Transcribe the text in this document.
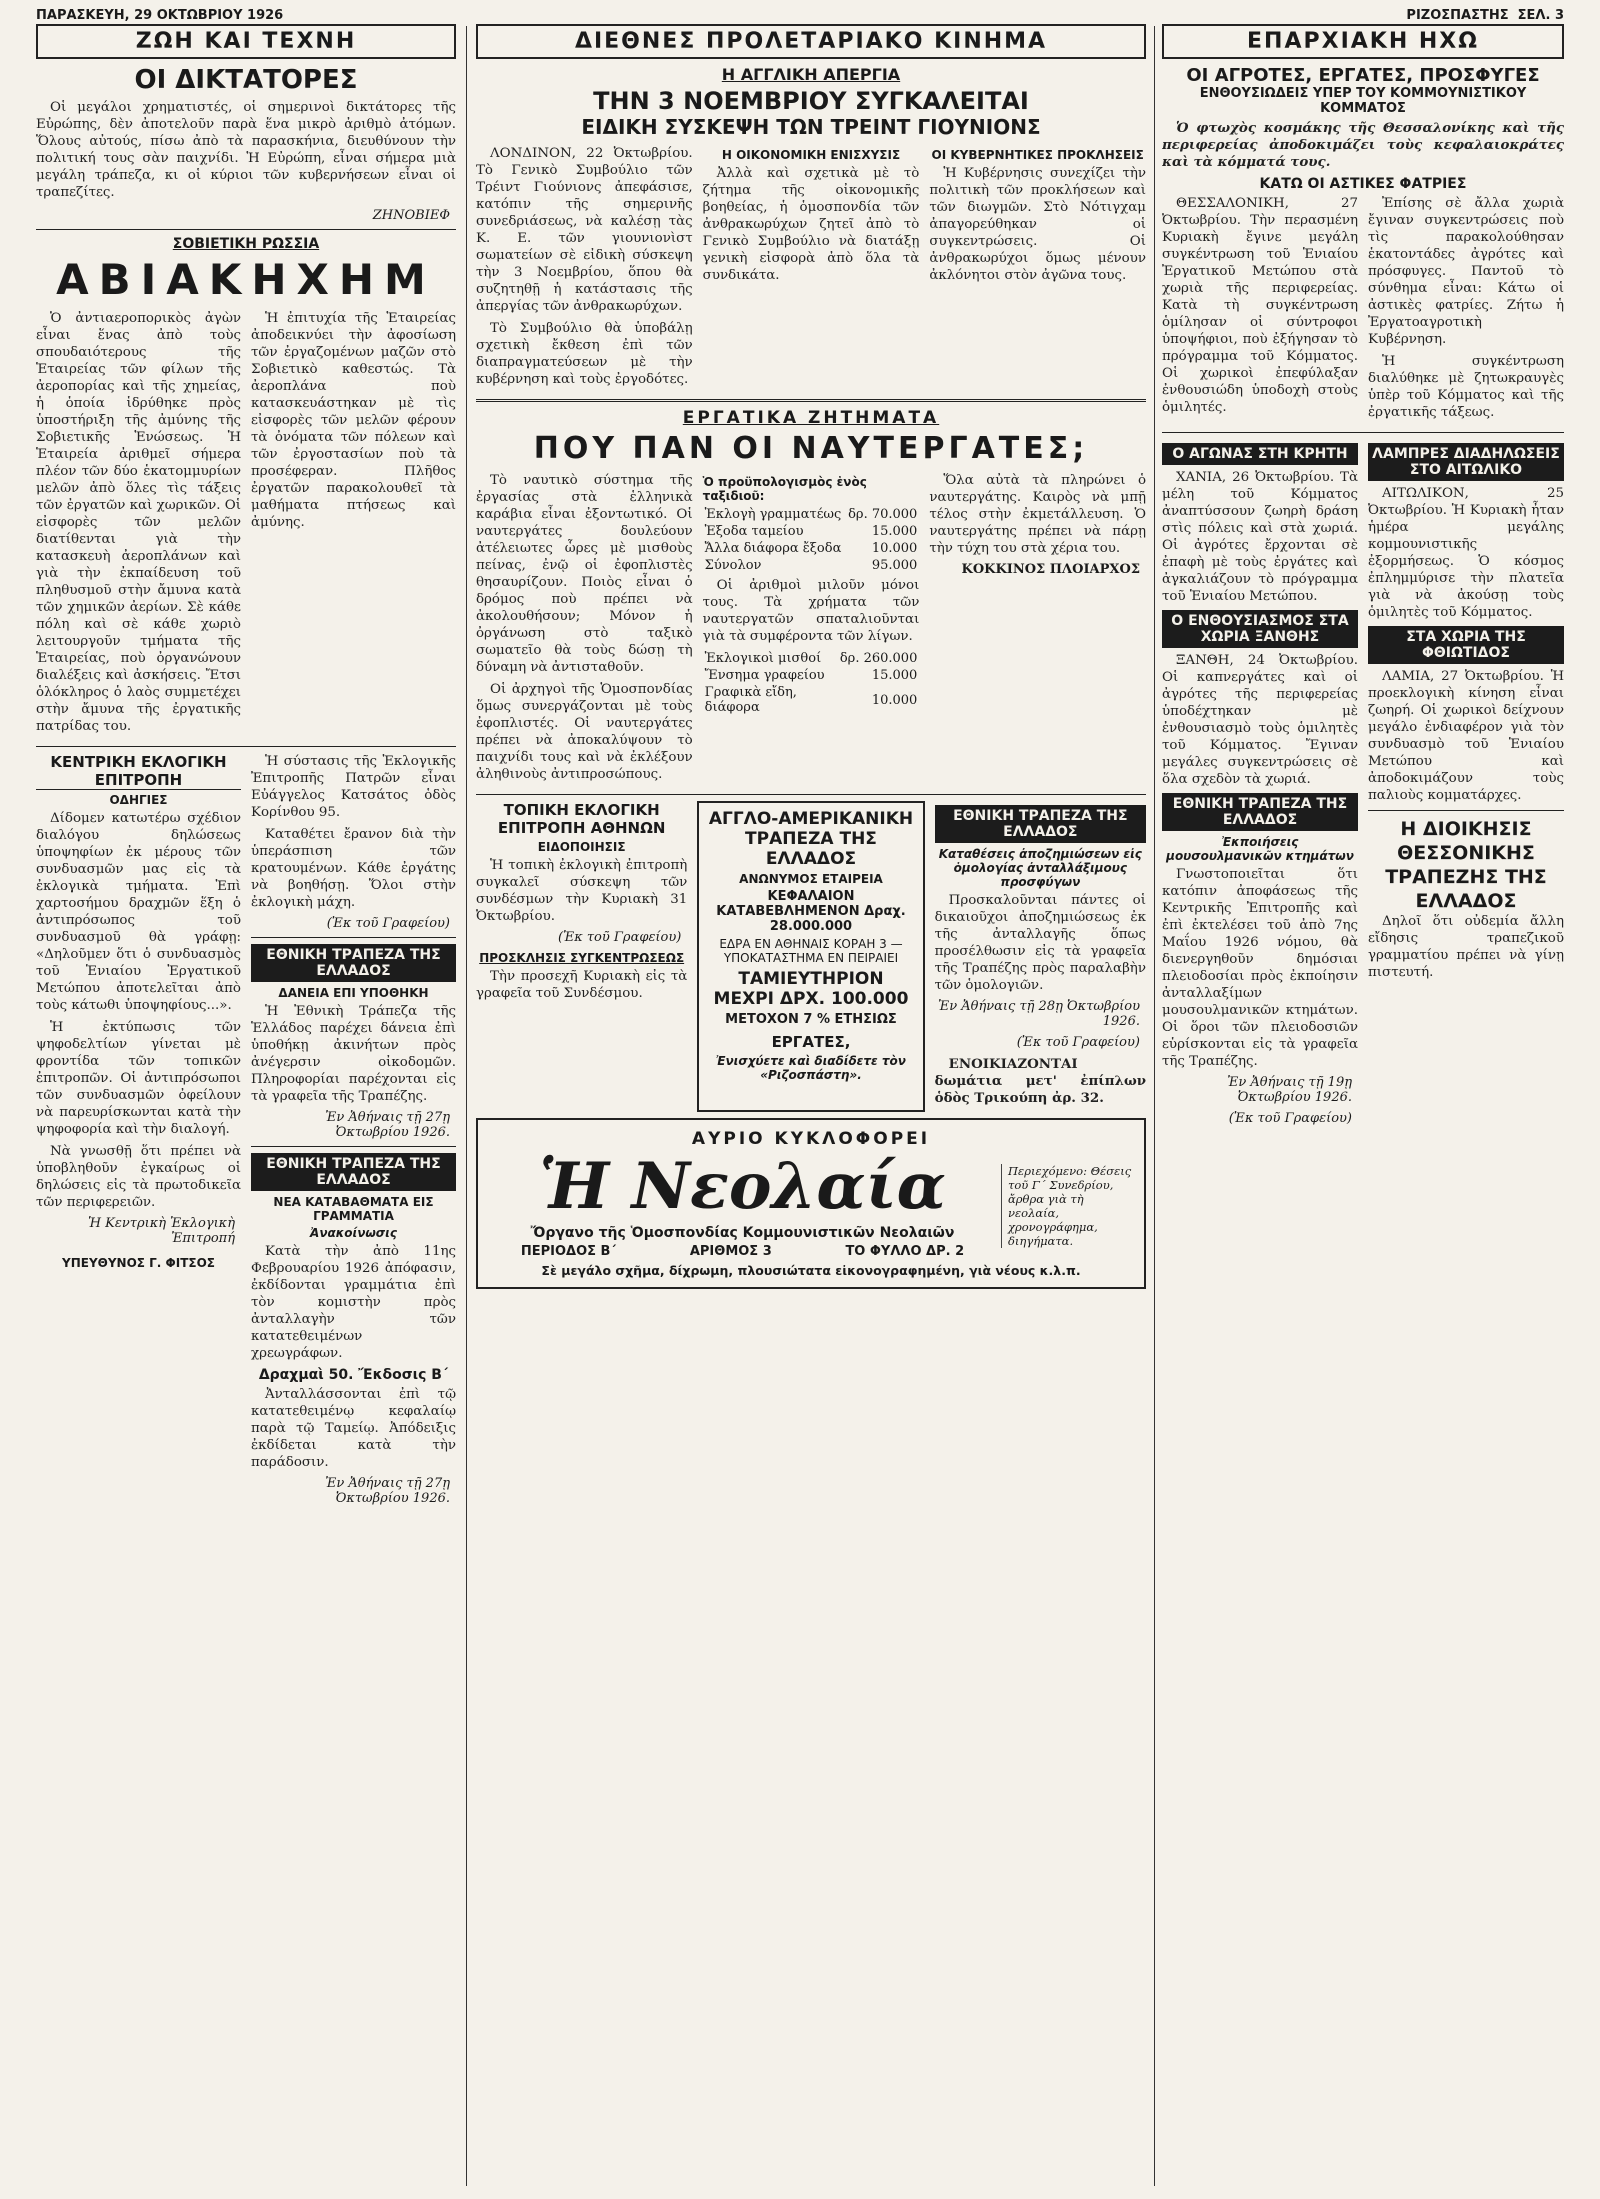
ΠΑΡΑΣΚΕΥΗ, 29 ΟΚΤΩΒΡΙΟΥ 1926	ΡΙΖΟΣΠΑΣΤΗΣ ΣΕΛ. 3
ΖΩΗ ΚΑΙ ΤΕΧΝΗ
ΟΙ ΔΙΚΤΑΤΟΡΕΣ

Οἱ μεγάλοι χρηματιστές, οἱ σημερινοὶ δικτάτορες τῆς Εὐρώπης, δὲν ἀποτελοῦν παρὰ ἕνα μικρὸ ἀριθμὸ ἀτόμων. Ὅλους αὐτούς, πίσω ἀπὸ τὰ παρασκήνια, διευθύνουν τὴν πολιτική τους σὰν παιχνίδι. Ἡ Εὐρώπη, εἶναι σήμερα μιὰ μεγάλη τράπεζα, κι οἱ κύριοι τῶν κυβερνήσεων εἶναι οἱ τραπεζίτες.

ΖΗΝΟΒΙΕΦ
ΣΟΒΙΕΤΙΚΗ ΡΩΣΣΙΑ
ΑΒΙΑΚΗΧΗΜ

Ὁ ἀντιαεροπορικὸς ἀγὼν εἶναι ἕνας ἀπὸ τοὺς σπουδαιότερους τῆς Ἑταιρείας τῶν φίλων τῆς ἀεροπορίας καὶ τῆς χημείας, ἡ ὁποία ἱδρύθηκε πρὸς ὑποστήριξη τῆς ἀμύνης τῆς Σοβιετικῆς Ἑνώσεως. Ἡ Ἑταιρεία ἀριθμεῖ σήμερα πλέον τῶν δύο ἑκατομμυρίων μελῶν ἀπὸ ὅλες τὶς τάξεις τῶν ἐργατῶν καὶ χωρικῶν. Οἱ εἰσφορὲς τῶν μελῶν διατίθενται γιὰ τὴν κατασκευὴ ἀεροπλάνων καὶ γιὰ τὴν ἐκπαίδευση τοῦ πληθυσμοῦ στὴν ἄμυνα κατὰ τῶν χημικῶν ἀερίων. Σὲ κάθε πόλη καὶ σὲ κάθε χωριὸ λειτουργοῦν τμήματα τῆς Ἑταιρείας, ποὺ ὀργανώνουν διαλέξεις καὶ ἀσκήσεις. Ἔτσι ὁλόκληρος ὁ λαὸς συμμετέχει στὴν ἄμυνα τῆς ἐργατικῆς πατρίδας του.

Ἡ ἐπιτυχία τῆς Ἑταιρείας ἀποδεικνύει τὴν ἀφοσίωση τῶν ἐργαζομένων μαζῶν στὸ Σοβιετικὸ καθεστώς. Τὰ ἀεροπλάνα ποὺ κατασκευάστηκαν μὲ τὶς εἰσφορὲς τῶν μελῶν φέρουν τὰ ὀνόματα τῶν πόλεων καὶ τῶν ἐργοστασίων ποὺ τὰ προσέφεραν. Πλῆθος ἐργατῶν παρακολουθεῖ τὰ μαθήματα πτήσεως καὶ ἀμύνης.

ΚΕΝΤΡΙΚΗ ΕΚΛΟΓΙΚΗ ΕΠΙΤΡΟΠΗ
ΟΔΗΓΙΕΣ

Δίδομεν κατωτέρω σχέδιον διαλόγου δηλώσεως ὑποψηφίων ἐκ μέρους τῶν συνδυασμῶν μας εἰς τὰ ἐκλογικὰ τμήματα. Ἐπὶ χαρτοσήμου δραχμῶν ἕξη ὁ ἀντιπρόσωπος τοῦ συνδυασμοῦ θὰ γράφῃ: «Δηλοῦμεν ὅτι ὁ συνδυασμὸς τοῦ Ἑνιαίου Ἐργατικοῦ Μετώπου ἀποτελεῖται ἀπὸ τοὺς κάτωθι ὑποψηφίους...».

Ἡ ἐκτύπωσις τῶν ψηφοδελτίων γίνεται μὲ φροντίδα τῶν τοπικῶν ἐπιτροπῶν. Οἱ ἀντιπρόσωποι τῶν συνδυασμῶν ὀφείλουν νὰ παρευρίσκωνται κατὰ τὴν ψηφοφορία καὶ τὴν διαλογή.

Νὰ γνωσθῇ ὅτι πρέπει νὰ ὑποβληθοῦν ἐγκαίρως οἱ δηλώσεις εἰς τὰ πρωτοδικεῖα τῶν περιφερειῶν.

Ἡ Κεντρικὴ Ἐκλογικὴ Ἐπιτροπή
ΥΠΕΥΘΥΝΟΣ Γ. ΦΙΤΣΟΣ

Ἡ σύστασις τῆς Ἐκλογικῆς Ἐπιτροπῆς Πατρῶν εἶναι Εὐάγγελος Κατσάτος ὁδὸς Κορίνθου 95.

Καταθέτει ἔρανον διὰ τὴν ὑπεράσπιση τῶν κρατουμένων. Κάθε ἐργάτης νὰ βοηθήσῃ. Ὅλοι στὴν ἐκλογικὴ μάχη.

(Ἐκ τοῦ Γραφείου)
ΕΘΝΙΚΗ ΤΡΑΠΕΖΑ ΤΗΣ ΕΛΛΑΔΟΣ
ΔΑΝΕΙΑ ΕΠΙ ΥΠΟΘΗΚΗ

Ἡ Ἐθνικὴ Τράπεζα τῆς Ἑλλάδος παρέχει δάνεια ἐπὶ ὑποθήκῃ ἀκινήτων πρὸς ἀνέγερσιν οἰκοδομῶν. Πληροφορίαι παρέχονται εἰς τὰ γραφεῖα τῆς Τραπέζης.

Ἐν Ἀθήναις τῇ 27ῃ Ὀκτωβρίου 1926.
ΕΘΝΙΚΗ ΤΡΑΠΕΖΑ ΤΗΣ ΕΛΛΑΔΟΣ
ΝΕΑ ΚΑΤΑΒΑΘΜΑΤΑ ΕΙΣ ΓΡΑΜΜΑΤΙΑ
Ἀνακοίνωσις

Κατὰ τὴν ἀπὸ 11ης Φεβρουαρίου 1926 ἀπόφασιν, ἐκδίδονται γραμμάτια ἐπὶ τὸν κομιστὴν πρὸς ἀνταλλαγὴν τῶν κατατεθειμένων χρεωγράφων.

Δραχμαὶ 50. Ἔκδοσις Β΄

Ἀνταλλάσσονται ἐπὶ τῷ κατατεθειμένῳ κεφαλαίῳ παρὰ τῷ Ταμείῳ. Ἀπόδειξις ἐκδίδεται κατὰ τὴν παράδοσιν.

Ἐν Ἀθήναις τῇ 27ῃ Ὀκτωβρίου 1926.
ΔΙΕΘΝΕΣ ΠΡΟΛΕΤΑΡΙΑΚΟ ΚΙΝΗΜΑ
Η ΑΓΓΛΙΚΗ ΑΠΕΡΓΙΑ
ΤΗΝ 3 ΝΟΕΜΒΡΙΟΥ ΣΥΓΚΑΛΕΙΤΑΙ
ΕΙΔΙΚΗ ΣΥΣΚΕΨΗ ΤΩΝ ΤΡΕΙΝΤ ΓΙΟΥΝΙΟΝΣ

ΛΟΝΔΙΝΟΝ, 22 Ὀκτωβρίου. Τὸ Γενικὸ Συμβούλιο τῶν Τρέιντ Γιούνιονς ἀπεφάσισε, κατόπιν τῆς σημερινῆς συνεδριάσεως, νὰ καλέσῃ τὰς Κ. Ε. τῶν γιουνιονὶστ σωματείων σὲ εἰδικὴ σύσκεψη τὴν 3 Νοεμβρίου, ὅπου θὰ συζητηθῇ ἡ κατάστασις τῆς ἀπεργίας τῶν ἀνθρακωρύχων.

Τὸ Συμβούλιο θὰ ὑποβάλῃ σχετικὴ ἔκθεση ἐπὶ τῶν διαπραγματεύσεων μὲ τὴν κυβέρνηση καὶ τοὺς ἐργοδότες.

Η ΟΙΚΟΝΟΜΙΚΗ ΕΝΙΣΧΥΣΙΣ

Ἀλλὰ καὶ σχετικὰ μὲ τὸ ζήτημα τῆς οἰκονομικῆς βοηθείας, ἡ ὁμοσπονδία τῶν ἀνθρακωρύχων ζητεῖ ἀπὸ τὸ Γενικὸ Συμβούλιο νὰ διατάξῃ γενικὴ εἰσφορὰ ἀπὸ ὅλα τὰ συνδικάτα.

ΟΙ ΚΥΒΕΡΝΗΤΙΚΕΣ ΠΡΟΚΛΗΣΕΙΣ

Ἡ Κυβέρνησις συνεχίζει τὴν πολιτικὴ τῶν προκλήσεων καὶ τῶν διωγμῶν. Στὸ Νότιγχαμ ἀπαγορεύθηκαν οἱ συγκεντρώσεις. Οἱ ἀνθρακωρύχοι ὅμως μένουν ἀκλόνητοι στὸν ἀγῶνα τους.

ΕΡΓΑΤΙΚΑ ΖΗΤΗΜΑΤΑ
ΠΟΥ ΠΑΝ ΟΙ ΝΑΥΤΕΡΓΑΤΕΣ;

Τὸ ναυτικὸ σύστημα τῆς ἐργασίας στὰ ἑλληνικὰ καράβια εἶναι ἐξοντωτικό. Οἱ ναυτεργάτες δουλεύουν ἀτέλειωτες ὧρες μὲ μισθοὺς πείνας, ἐνῷ οἱ ἐφοπλιστὲς θησαυρίζουν. Ποιὸς εἶναι ὁ δρόμος ποὺ πρέπει νὰ ἀκολουθήσουν; Μόνον ἡ ὀργάνωση στὸ ταξικὸ σωματεῖο θὰ τοὺς δώσῃ τὴ δύναμη νὰ ἀντισταθοῦν.

Οἱ ἀρχηγοὶ τῆς Ὁμοσπονδίας ὅμως συνεργάζονται μὲ τοὺς ἐφοπλιστές. Οἱ ναυτεργάτες πρέπει νὰ ἀποκαλύψουν τὸ παιχνίδι τους καὶ νὰ ἐκλέξουν ἀληθινοὺς ἀντιπροσώπους.

Ὁ προϋπολογισμὸς ἑνὸς ταξιδιοῦ:
Ἐκλογὴ γραμματέως	δρ. 70.000
Ἐξοδα ταμείου	15.000
Ἄλλα διάφορα ἔξοδα	10.000
Σύνολον	95.000

Οἱ ἀριθμοὶ μιλοῦν μόνοι τους. Τὰ χρήματα τῶν ναυτεργατῶν σπαταλιοῦνται γιὰ τὰ συμφέροντα τῶν λίγων.

Ἐκλογικοὶ μισθοί	δρ. 260.000
Ἔνσημα γραφείου	15.000
Γραφικὰ εἴδη, διάφορα	10.000

Ὅλα αὐτὰ τὰ πληρώνει ὁ ναυτεργάτης. Καιρὸς νὰ μπῇ τέλος στὴν ἐκμετάλλευση. Ὁ ναυτεργάτης πρέπει νὰ πάρῃ τὴν τύχη του στὰ χέρια του.

ΚΟΚΚΙΝΟΣ ΠΛΟΙΑΡΧΟΣ
ΤΟΠΙΚΗ ΕΚΛΟΓΙΚΗ ΕΠΙΤΡΟΠΗ ΑΘΗΝΩΝ
ΕΙΔΟΠΟΙΗΣΙΣ

Ἡ τοπικὴ ἐκλογικὴ ἐπιτροπὴ συγκαλεῖ σύσκεψη τῶν συνδέσμων τὴν Κυριακὴ 31 Ὀκτωβρίου.

(Ἐκ τοῦ Γραφείου)
ΠΡΟΣΚΛΗΣΙΣ ΣΥΓΚΕΝΤΡΩΣΕΩΣ

Τὴν προσεχῆ Κυριακὴ εἰς τὰ γραφεῖα τοῦ Συνδέσμου.

ΑΓΓΛΟ-ΑΜΕΡΙΚΑΝΙΚΗ ΤΡΑΠΕΖΑ ΤΗΣ ΕΛΛΑΔΟΣ
ΑΝΩΝΥΜΟΣ ΕΤΑΙΡΕΙΑ
ΚΕΦΑΛΑΙΟΝ ΚΑΤΑΒΕΒΛΗΜΕΝΟΝ Δραχ. 28.000.000
ΕΔΡΑ ΕΝ ΑΘΗΝΑΙΣ ΚΟΡΑΗ 3 — ΥΠΟΚΑΤΑΣΤΗΜΑ ΕΝ ΠΕΙΡΑΙΕΙ
ΤΑΜΙΕΥΤΗΡΙΟΝ ΜΕΧΡΙ ΔΡΧ. 100.000
ΜΕΤΟΧΟΝ 7 % ΕΤΗΣΙΩΣ
ΕΡΓΑΤΕΣ,
Ἐνισχύετε καὶ διαδίδετε τὸν «Ριζοσπάστη».
ΕΘΝΙΚΗ ΤΡΑΠΕΖΑ ΤΗΣ ΕΛΛΑΔΟΣ
Καταθέσεις ἀποζημιώσεων εἰς ὁμολογίας ἀνταλλάξιμους προσφύγων

Προσκαλοῦνται πάντες οἱ δικαιοῦχοι ἀποζημιώσεως ἐκ τῆς ἀνταλλαγῆς ὅπως προσέλθωσιν εἰς τὰ γραφεῖα τῆς Τραπέζης πρὸς παραλαβὴν τῶν ὁμολογιῶν.

Ἐν Ἀθήναις τῇ 28ῃ Ὀκτωβρίου 1926.
(Ἐκ τοῦ Γραφείου)

ΕΝΟΙΚΙΑΖΟΝΤΑΙ δωμάτια μετ' ἐπίπλων ὁδὸς Τρικούπη ἀρ. 32.

ΑΥΡΙΟ ΚΥΚΛΟΦΟΡΕΙ
Ἡ Νεολαία
Ὄργανο τῆς Ὁμοσπονδίας Κομμουνιστικῶν Νεολαιῶν
ΠΕΡΙΟΔΟΣ Β΄	ΑΡΙΘΜΟΣ 3	ΤΟ ΦΥΛΛΟ ΔΡ. 2
Περιεχόμενο: Θέσεις τοῦ Γ΄ Συνεδρίου, ἄρθρα γιὰ τὴ νεολαία, χρονογράφημα, διηγήματα.
Σὲ μεγάλο σχῆμα, δίχρωμη, πλουσιώτατα εἰκονογραφημένη, γιὰ νέους κ.λ.π.
ΕΠΑΡΧΙΑΚΗ ΗΧΩ
ΟΙ ΑΓΡΟΤΕΣ, ΕΡΓΑΤΕΣ, ΠΡΟΣΦΥΓΕΣ
ΕΝΘΟΥΣΙΩΔΕΙΣ ΥΠΕΡ ΤΟΥ ΚΟΜΜΟΥΝΙΣΤΙΚΟΥ ΚΟΜΜΑΤΟΣ

Ὁ φτωχὸς κοσμάκης τῆς Θεσσαλονίκης καὶ τῆς περιφερείας ἀποδοκιμάζει τοὺς κεφαλαιοκράτες καὶ τὰ κόμματά τους.

ΚΑΤΩ ΟΙ ΑΣΤΙΚΕΣ ΦΑΤΡΙΕΣ

ΘΕΣΣΑΛΟΝΙΚΗ, 27 Ὀκτωβρίου. Τὴν περασμένη Κυριακὴ ἔγινε μεγάλη συγκέντρωση τοῦ Ἑνιαίου Ἐργατικοῦ Μετώπου στὰ χωριὰ τῆς περιφερείας. Κατὰ τὴ συγκέντρωση ὁμίλησαν οἱ σύντροφοι ὑποψήφιοι, ποὺ ἐξήγησαν τὸ πρόγραμμα τοῦ Κόμματος. Οἱ χωρικοὶ ἐπεφύλαξαν ἐνθουσιώδη ὑποδοχὴ στοὺς ὁμιλητές.

Ἐπίσης σὲ ἄλλα χωριὰ ἔγιναν συγκεντρώσεις ποὺ τὶς παρακολούθησαν ἑκατοντάδες ἀγρότες καὶ πρόσφυγες. Παντοῦ τὸ σύνθημα εἶναι: Κάτω οἱ ἀστικὲς φατρίες. Ζήτω ἡ Ἐργατοαγροτικὴ Κυβέρνηση.

Ἡ συγκέντρωση διαλύθηκε μὲ ζητωκραυγὲς ὑπὲρ τοῦ Κόμματος καὶ τῆς ἐργατικῆς τάξεως.

Ο ΑΓΩΝΑΣ ΣΤΗ ΚΡΗΤΗ

ΧΑΝΙΑ, 26 Ὀκτωβρίου. Τὰ μέλη τοῦ Κόμματος ἀναπτύσσουν ζωηρὴ δράση στὶς πόλεις καὶ στὰ χωριά. Οἱ ἀγρότες ἔρχονται σὲ ἐπαφὴ μὲ τοὺς ἐργάτες καὶ ἀγκαλιάζουν τὸ πρόγραμμα τοῦ Ἑνιαίου Μετώπου.

Ο ΕΝΘΟΥΣΙΑΣΜΟΣ ΣΤΑ ΧΩΡΙΑ ΞΑΝΘΗΣ

ΞΑΝΘΗ, 24 Ὀκτωβρίου. Οἱ καπνεργάτες καὶ οἱ ἀγρότες τῆς περιφερείας ὑποδέχτηκαν μὲ ἐνθουσιασμὸ τοὺς ὁμιλητὲς τοῦ Κόμματος. Ἔγιναν μεγάλες συγκεντρώσεις σὲ ὅλα σχεδὸν τὰ χωριά.

ΕΘΝΙΚΗ ΤΡΑΠΕΖΑ ΤΗΣ ΕΛΛΑΔΟΣ
Ἐκποιήσεις μουσουλμανικῶν κτημάτων

Γνωστοποιεῖται ὅτι κατόπιν ἀποφάσεως τῆς Κεντρικῆς Ἐπιτροπῆς καὶ ἐπὶ ἐκτελέσει τοῦ ἀπὸ 7ης Μαΐου 1926 νόμου, θὰ διενεργηθοῦν δημόσιαι πλειοδοσίαι πρὸς ἐκποίησιν ἀνταλλαξίμων μουσουλμανικῶν κτημάτων. Οἱ ὅροι τῶν πλειοδοσιῶν εὑρίσκονται εἰς τὰ γραφεῖα τῆς Τραπέζης.

Ἐν Ἀθήναις τῇ 19ῃ Ὀκτωβρίου 1926.
(Ἐκ τοῦ Γραφείου)
ΛΑΜΠΡΕΣ ΔΙΑΔΗΛΩΣΕΙΣ ΣΤΟ ΑΙΤΩΛΙΚΟ

ΑΙΤΩΛΙΚΟΝ, 25 Ὀκτωβρίου. Ἡ Κυριακὴ ἦταν ἡμέρα μεγάλης κομμουνιστικῆς ἐξορμήσεως. Ὁ κόσμος ἐπλημμύρισε τὴν πλατεῖα γιὰ νὰ ἀκούσῃ τοὺς ὁμιλητὲς τοῦ Κόμματος.

ΣΤΑ ΧΩΡΙΑ ΤΗΣ ΦΘΙΩΤΙΔΟΣ

ΛΑΜΙΑ, 27 Ὀκτωβρίου. Ἡ προεκλογικὴ κίνηση εἶναι ζωηρή. Οἱ χωρικοὶ δείχνουν μεγάλο ἐνδιαφέρον γιὰ τὸν συνδυασμὸ τοῦ Ἑνιαίου Μετώπου καὶ ἀποδοκιμάζουν τοὺς παλιοὺς κομματάρχες.

Η ΔΙΟΙΚΗΣΙΣ ΘΕΣΣΟΝΙΚΗΣ ΤΡΑΠΕΖΗΣ ΤΗΣ ΕΛΛΑΔΟΣ

Δηλοῖ ὅτι οὐδεμία ἄλλη εἴδησις τραπεζικοῦ γραμματίου πρέπει νὰ γίνῃ πιστευτή.
